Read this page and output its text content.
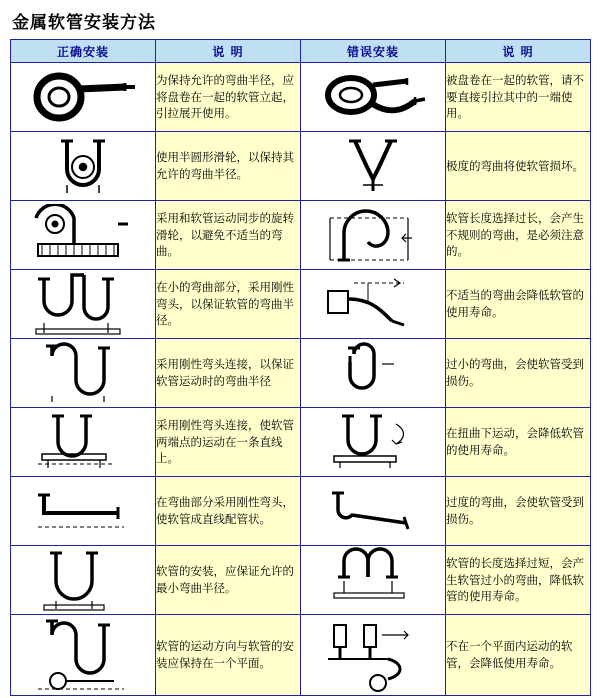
金属软管安装方法
正确安装	说 明	错误安装	说 明

	为保持允许的弯曲半径，应将盘卷在一起的软管立起，引拉展开使用。		被盘卷在一起的软管，请不要直接引拉其中的一端使用。

	使用半圆形滑轮，以保持其允许的弯曲半径。		极度的弯曲将使软管损坏。

	采用和软管运动同步的旋转滑轮，以避免不适当的弯曲。		软管长度选择过长，会产生不规则的弯曲，是必须注意的。

	在小的弯曲部分，采用刚性弯头，以保证软管的弯曲半径。		不适当的弯曲会降低软管的使用寿命。

	采用刚性弯头连接，以保证软管运动时的弯曲半径		过小的弯曲，会使软管受到损伤。

	采用刚性弯头连接，使软管两端点的运动在一条直线上。		在扭曲下运动，会降低软管的使用寿命。

	在弯曲部分采用刚性弯头，使软管成直线配管状。		过度的弯曲，会使软管受到损伤。

	软管的安装，应保证允许的最小弯曲半径。		软管的长度选择过短，会产生软管过小的弯曲，降低软管的使用寿命。

	软管的运动方向与软管的安装应保持在一个平面。		不在一个平面内运动的软管，会降低使用寿命。
